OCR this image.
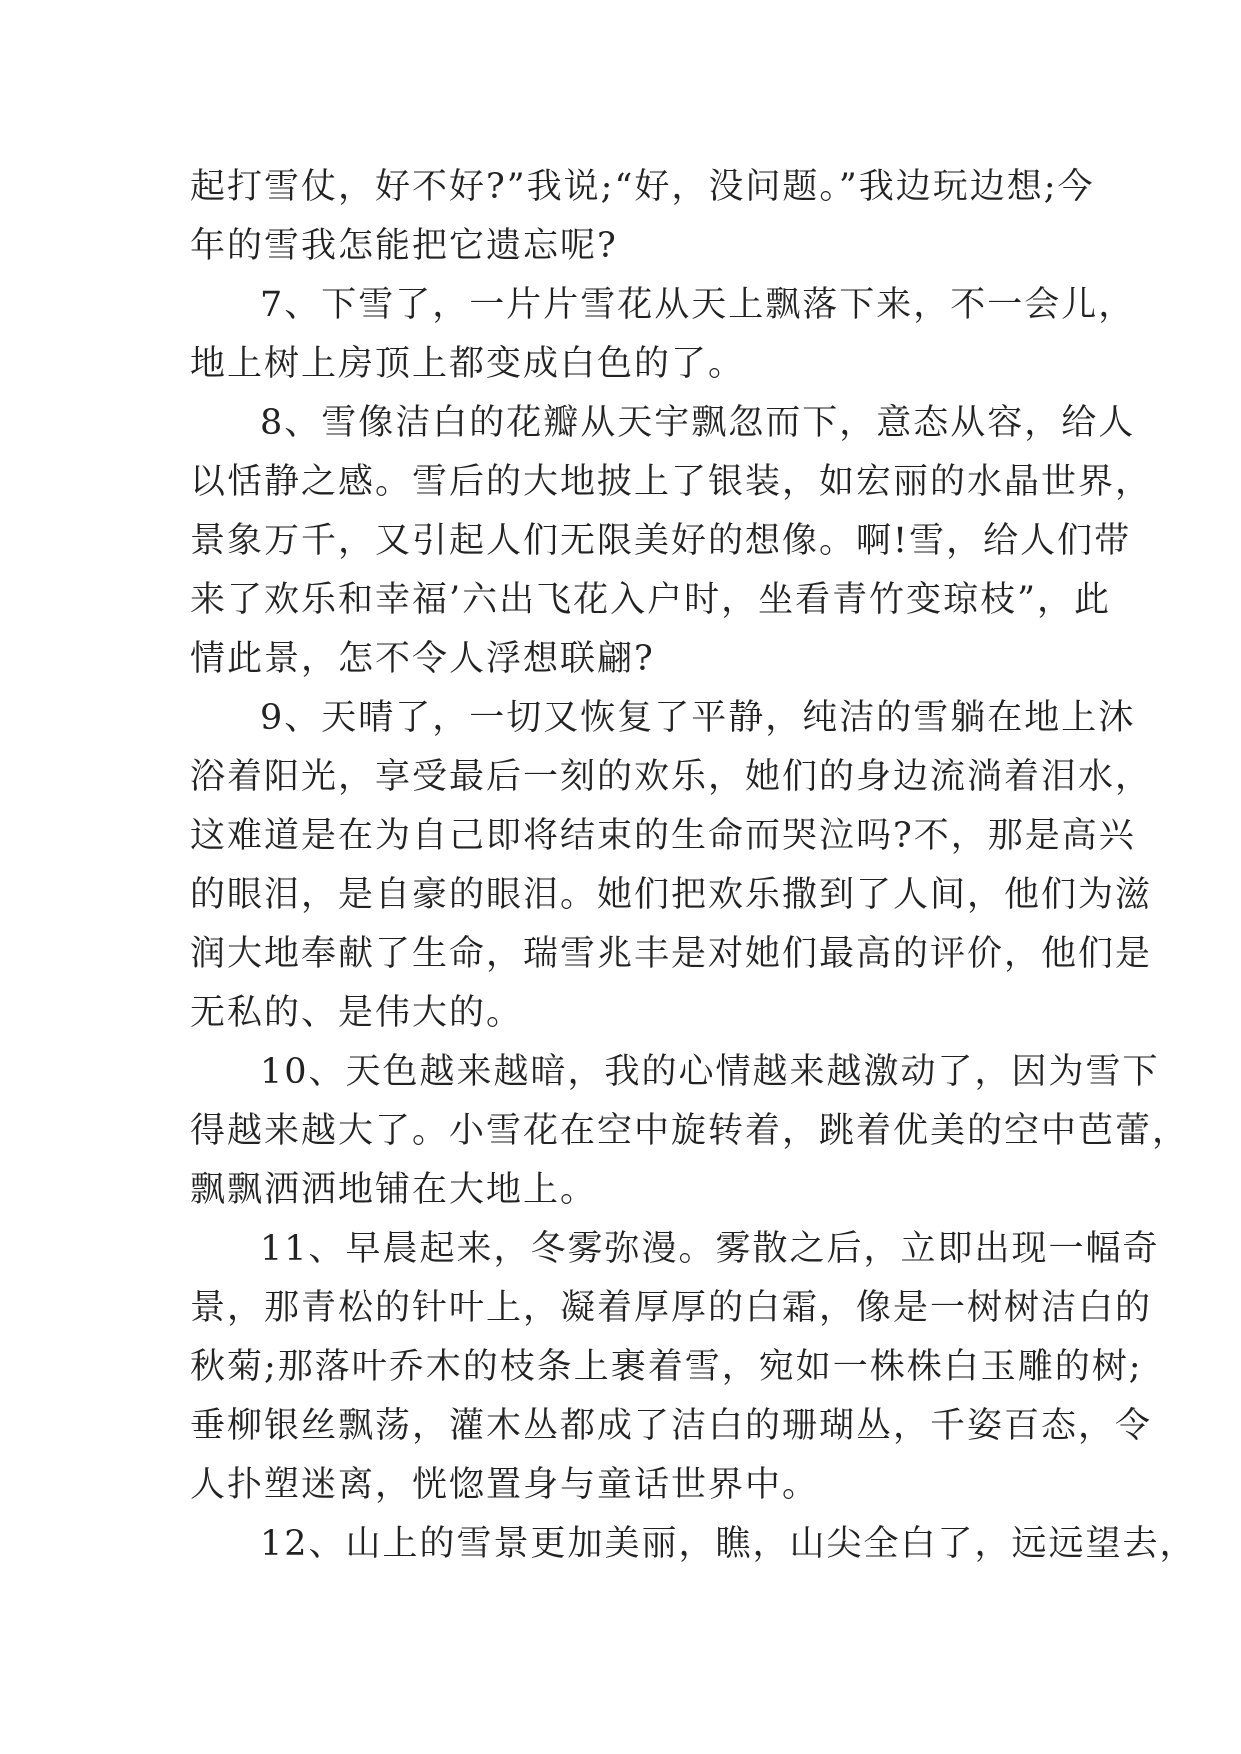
起打雪仗，好不好?”我说;“好，没问题。”我边玩边想;今
年的雪我怎能把它遗忘呢?
7、下雪了，一片片雪花从天上飘落下来，不一会儿，
地上树上房顶上都变成白色的了。
8、雪像洁白的花瓣从天宇飘忽而下，意态从容，给人
以恬静之感。雪后的大地披上了银装，如宏丽的水晶世界，
景象万千，又引起人们无限美好的想像。啊!雪，给人们带
来了欢乐和幸福’六出飞花入户时，坐看青竹变琼枝”，此
情此景，怎不令人浮想联翩?
9、天晴了，一切又恢复了平静，纯洁的雪躺在地上沐
浴着阳光，享受最后一刻的欢乐，她们的身边流淌着泪水，
这难道是在为自己即将结束的生命而哭泣吗?不，那是高兴
的眼泪，是自豪的眼泪。她们把欢乐撒到了人间，他们为滋
润大地奉献了生命，瑞雪兆丰是对她们最高的评价，他们是
无私的、是伟大的。
10、天色越来越暗，我的心情越来越激动了，因为雪下
得越来越大了。小雪花在空中旋转着，跳着优美的空中芭蕾，
飘飘洒洒地铺在大地上。
11、早晨起来，冬雾弥漫。雾散之后，立即出现一幅奇
景，那青松的针叶上，凝着厚厚的白霜，像是一树树洁白的
秋菊;那落叶乔木的枝条上裹着雪，宛如一株株白玉雕的树;
垂柳银丝飘荡，灌木丛都成了洁白的珊瑚丛，千姿百态，令
人扑塑迷离，恍惚置身与童话世界中。
12、山上的雪景更加美丽，瞧，山尖全白了，远远望去，
